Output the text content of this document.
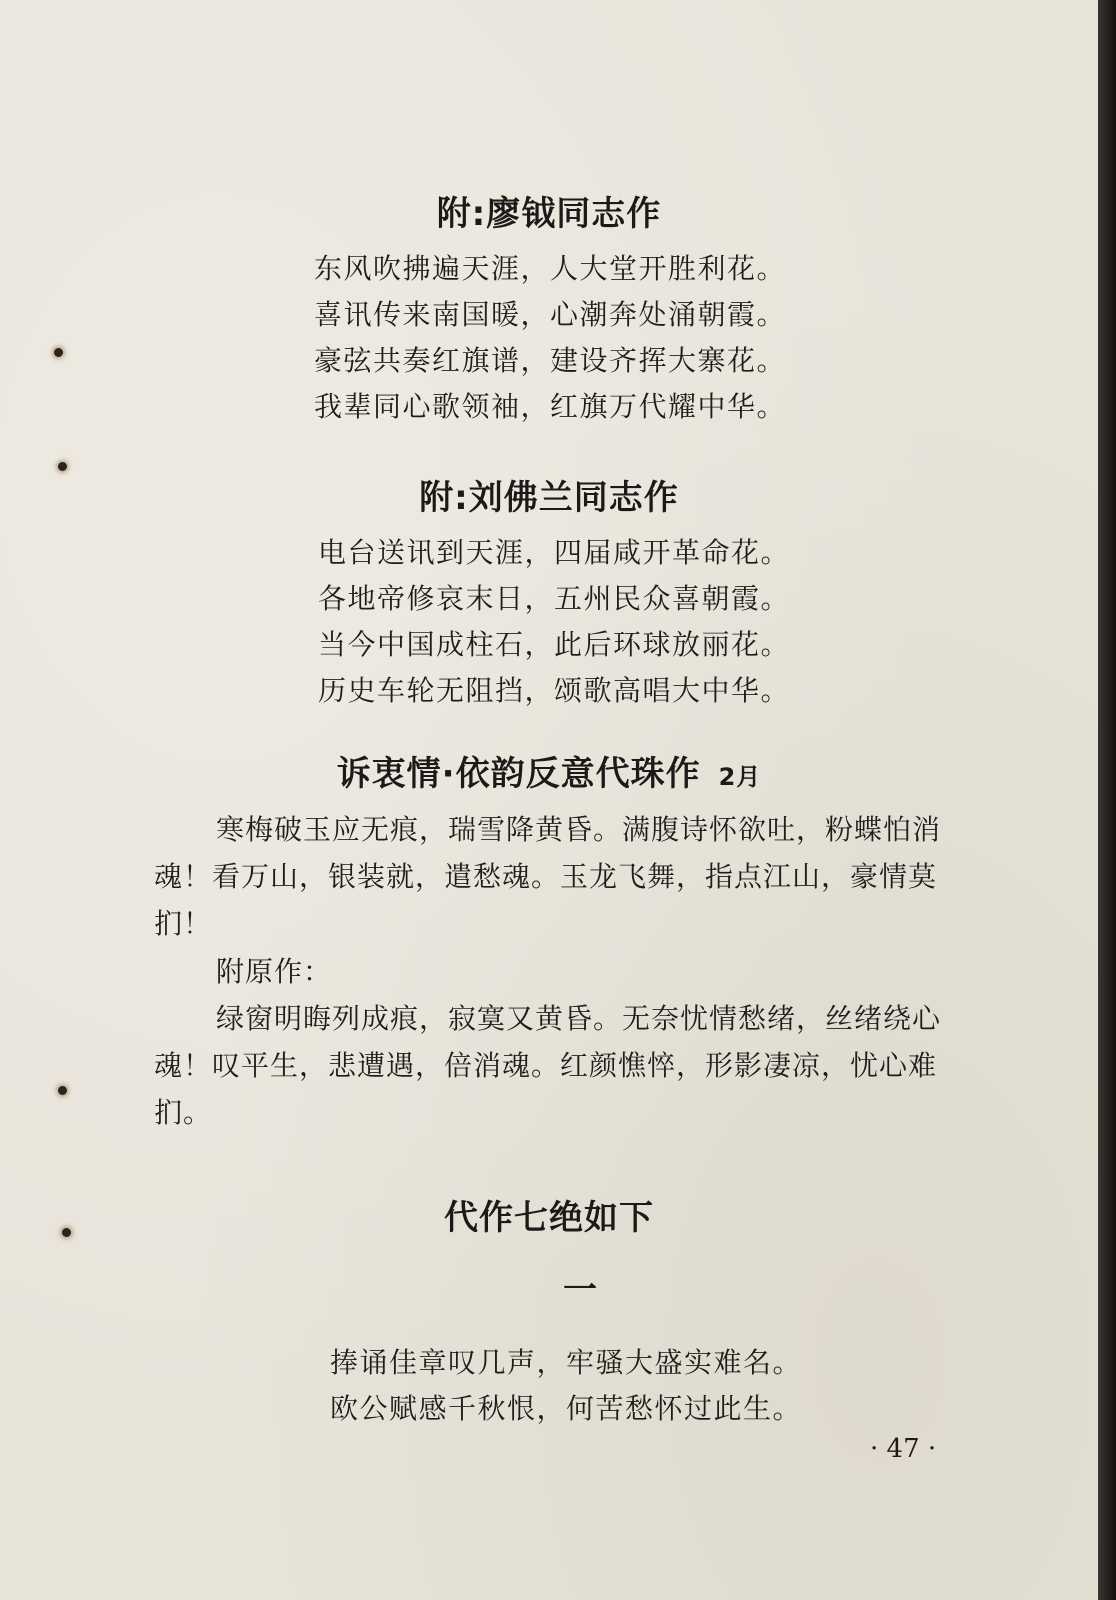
附:廖钺同志作
东风吹拂遍天涯，人大堂开胜利花。
喜讯传来南国暖，心潮奔处涌朝霞。
豪弦共奏红旗谱，建设齐挥大寨花。
我辈同心歌领袖，红旗万代耀中华。
附:刘佛兰同志作
电台送讯到天涯，四届咸开革命花。
各地帝修哀末日，五州民众喜朝霞。
当今中国成柱石，此后环球放丽花。
历史车轮无阻挡，颂歌高唱大中华。
诉衷情·依韵反意代珠作 2月
寒梅破玉应无痕，瑞雪降黄昏。满腹诗怀欲吐，粉蝶怕消
魂！看万山，银装就，遣愁魂。玉龙飞舞，指点江山，豪情莫
扪！
附原作：
绿窗明晦列成痕，寂寞又黄昏。无奈忧情愁绪，丝绪绕心
魂！叹平生，悲遭遇，倍消魂。红颜憔悴，形影凄凉，忧心难
扪。
代作七绝如下
一
捧诵佳章叹几声，牢骚大盛实难名。
欧公赋感千秋恨，何苦愁怀过此生。
· 47 ·
